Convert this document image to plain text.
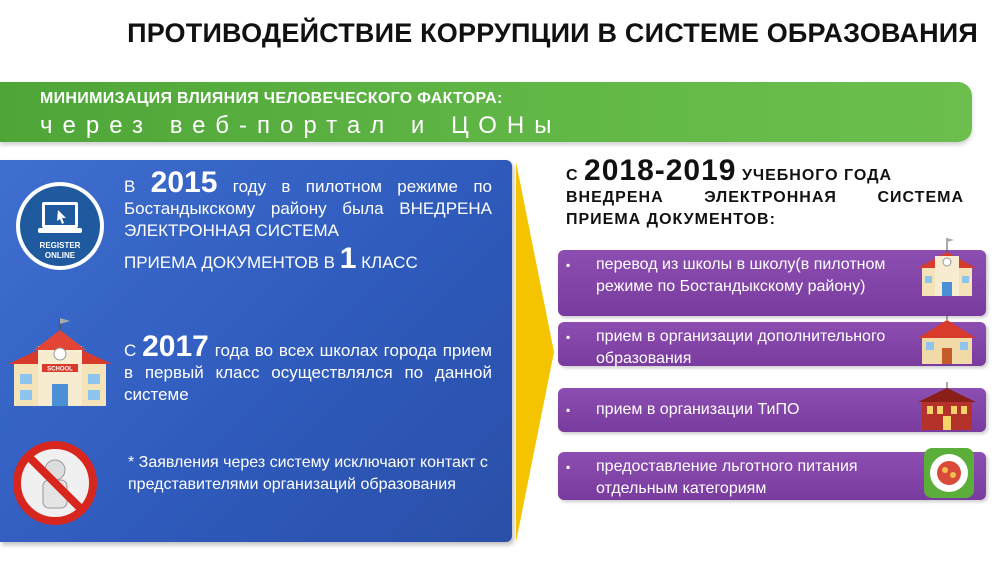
ПРОТИВОДЕЙСТВИЕ КОРРУПЦИИ В СИСТЕМЕ ОБРАЗОВАНИЯ
МИНИМИЗАЦИЯ ВЛИЯНИЯ ЧЕЛОВЕЧЕСКОГО ФАКТОРА:
через веб-портал и ЦОНы
REGISTER
ONLINE
В 2015 году в пилотном режиме по Бостандыкскому району была ВНЕДРЕНА ЭЛЕКТРОННАЯ СИСТЕМА
ПРИЕМА ДОКУМЕНТОВ В 1 КЛАСС
SCHOOL
С 2017 года во всех школах города прием в первый класс осуществлялся по данной системе
* Заявления через систему исключают контакт с представителями организаций образования
С 2018-2019 УЧЕБНОГО ГОДА
ВНЕДРЕНА ЭЛЕКТРОННАЯ СИСТЕМА ПРИЕМА ДОКУМЕНТОВ:
▪ перевод из школы в школу(в пилотном режиме по Бостандыкскому району)
▪ прием в организации дополнительного образования
▪ прием в организации ТиПО
▪ предоставление льготного питания отдельным категориям
